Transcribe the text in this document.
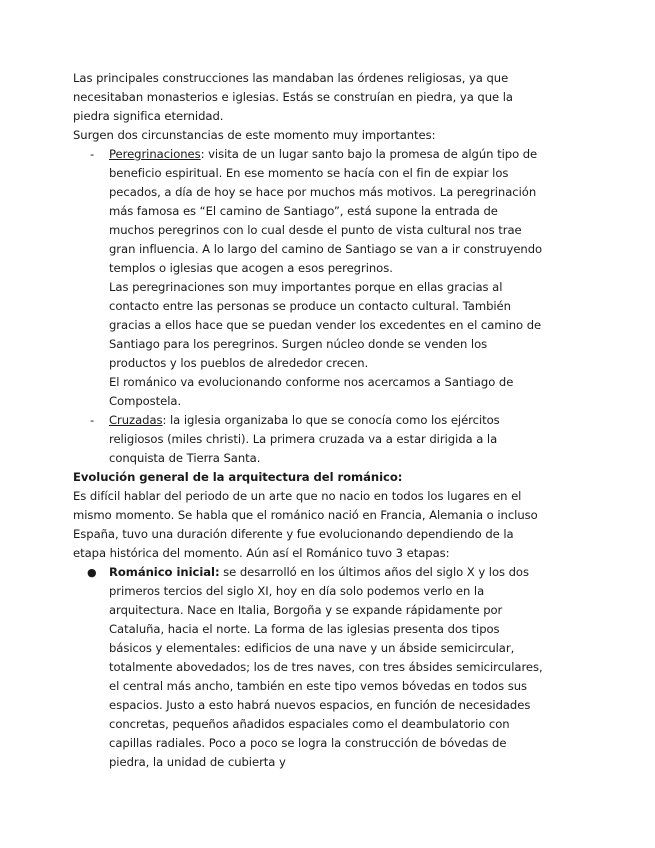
Las principales construcciones las mandaban las órdenes religiosas, ya que necesitaban monasterios e iglesias. Estás se construían en piedra, ya que la piedra significa eternidad.

Surgen dos circunstancias de este momento muy importantes:

- Peregrinaciones: visita de un lugar santo bajo la promesa de algún tipo de beneficio espiritual. En ese momento se hacía con el fin de expiar los pecados, a día de hoy se hace por muchos más motivos. La peregrinación más famosa es “El camino de Santiago”, está supone la entrada de muchos peregrinos con lo cual desde el punto de vista cultural nos trae gran influencia. A lo largo del camino de Santiago se van a ir construyendo templos o iglesias que acogen a esos peregrinos.

Las peregrinaciones son muy importantes porque en ellas gracias al contacto entre las personas se produce un contacto cultural. También gracias a ellos hace que se puedan vender los excedentes en el camino de Santiago para los peregrinos. Surgen núcleo donde se venden los productos y los pueblos de alrededor crecen.

El románico va evolucionando conforme nos acercamos a Santiago de Compostela.

- Cruzadas: la iglesia organizaba lo que se conocía como los ejércitos religiosos (miles christi). La primera cruzada va a estar dirigida a la conquista de Tierra Santa.

Evolución general de la arquitectura del románico:

Es difícil hablar del periodo de un arte que no nacio en todos los lugares en el mismo momento. Se habla que el románico nació en Francia, Alemania o incluso España, tuvo una duración diferente y fue evolucionando dependiendo de la etapa histórica del momento. Aún así el Románico tuvo 3 etapas:

● Románico inicial: se desarrolló en los últimos años del siglo X y los dos primeros tercios del siglo XI, hoy en día solo podemos verlo en la arquitectura. Nace en Italia, Borgoña y se expande rápidamente por Cataluña, hacia el norte. La forma de las iglesias presenta dos tipos básicos y elementales: edificios de una nave y un ábside semicircular, totalmente abovedados; los de tres naves, con tres ábsides semicirculares, el central más ancho, también en este tipo vemos bóvedas en todos sus espacios. Justo a esto habrá nuevos espacios, en función de necesidades concretas, pequeños añadidos espaciales como el deambulatorio con capillas radiales. Poco a poco se logra la construcción de bóvedas de piedra, la unidad de cubierta y
